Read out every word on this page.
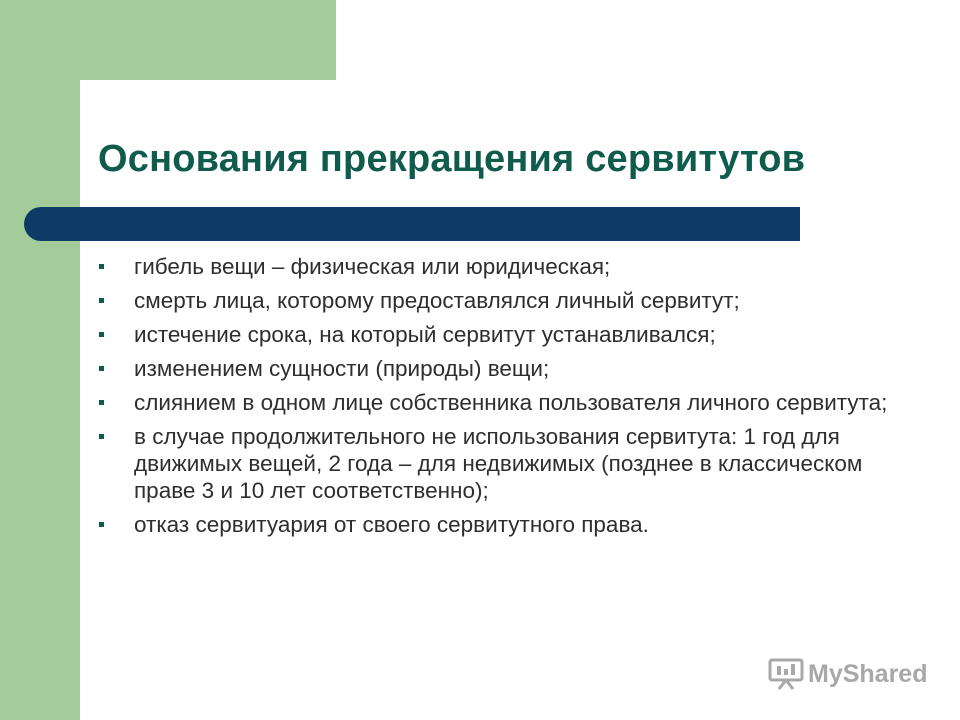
Основания прекращения сервитутов
гибель вещи – физическая или юридическая;
смерть лица, которому предоставлялся личный сервитут;
истечение срока, на который сервитут устанавливался;
изменением сущности (природы) вещи;
слиянием в одном лице собственника пользователя личного сервитута;
в случае продолжительного не использования сервитута: 1 год для движимых вещей, 2 года – для недвижимых (позднее в классическом праве 3 и 10 лет соответственно);
отказ сервитуария от своего сервитутного права.
MyShared
